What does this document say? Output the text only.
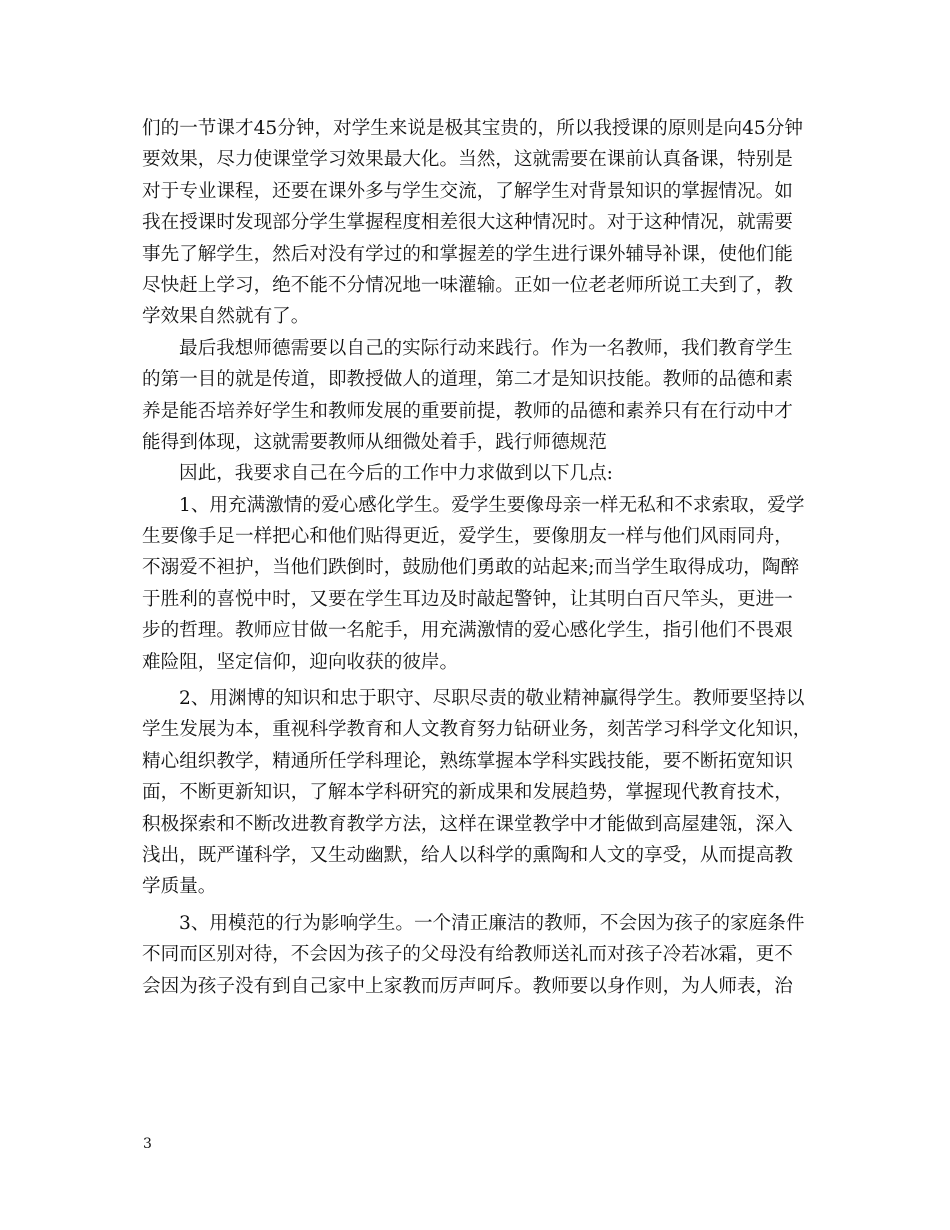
们的一节课才45分钟，对学生来说是极其宝贵的，所以我授课的原则是向45分钟
要效果，尽力使课堂学习效果最大化。当然，这就需要在课前认真备课，特别是
对于专业课程，还要在课外多与学生交流，了解学生对背景知识的掌握情况。如
我在授课时发现部分学生掌握程度相差很大这种情况时。对于这种情况，就需要
事先了解学生，然后对没有学过的和掌握差的学生进行课外辅导补课，使他们能
尽快赶上学习，绝不能不分情况地一味灌输。正如一位老老师所说工夫到了，教
学效果自然就有了。
最后我想师德需要以自己的实际行动来践行。作为一名教师，我们教育学生
的第一目的就是传道，即教授做人的道理，第二才是知识技能。教师的品德和素
养是能否培养好学生和教师发展的重要前提，教师的品德和素养只有在行动中才
能得到体现，这就需要教师从细微处着手，践行师德规范
因此，我要求自己在今后的工作中力求做到以下几点:
1、用充满激情的爱心感化学生。爱学生要像母亲一样无私和不求索取，爱学
生要像手足一样把心和他们贴得更近，爱学生，要像朋友一样与他们风雨同舟，
不溺爱不袒护，当他们跌倒时，鼓励他们勇敢的站起来;而当学生取得成功，陶醉
于胜利的喜悦中时，又要在学生耳边及时敲起警钟，让其明白百尺竿头，更进一
步的哲理。教师应甘做一名舵手，用充满激情的爱心感化学生，指引他们不畏艰
难险阻，坚定信仰，迎向收获的彼岸。
2、用渊博的知识和忠于职守、尽职尽责的敬业精神赢得学生。教师要坚持以
学生发展为本，重视科学教育和人文教育努力钻研业务，刻苦学习科学文化知识，
精心组织教学，精通所任学科理论，熟练掌握本学科实践技能，要不断拓宽知识
面，不断更新知识，了解本学科研究的新成果和发展趋势，掌握现代教育技术，
积极探索和不断改进教育教学方法，这样在课堂教学中才能做到高屋建瓴，深入
浅出，既严谨科学，又生动幽默，给人以科学的熏陶和人文的享受，从而提高教
学质量。
3、用模范的行为影响学生。一个清正廉洁的教师，不会因为孩子的家庭条件
不同而区别对待，不会因为孩子的父母没有给教师送礼而对孩子冷若冰霜，更不
会因为孩子没有到自己家中上家教而厉声呵斥。教师要以身作则，为人师表，治
3
